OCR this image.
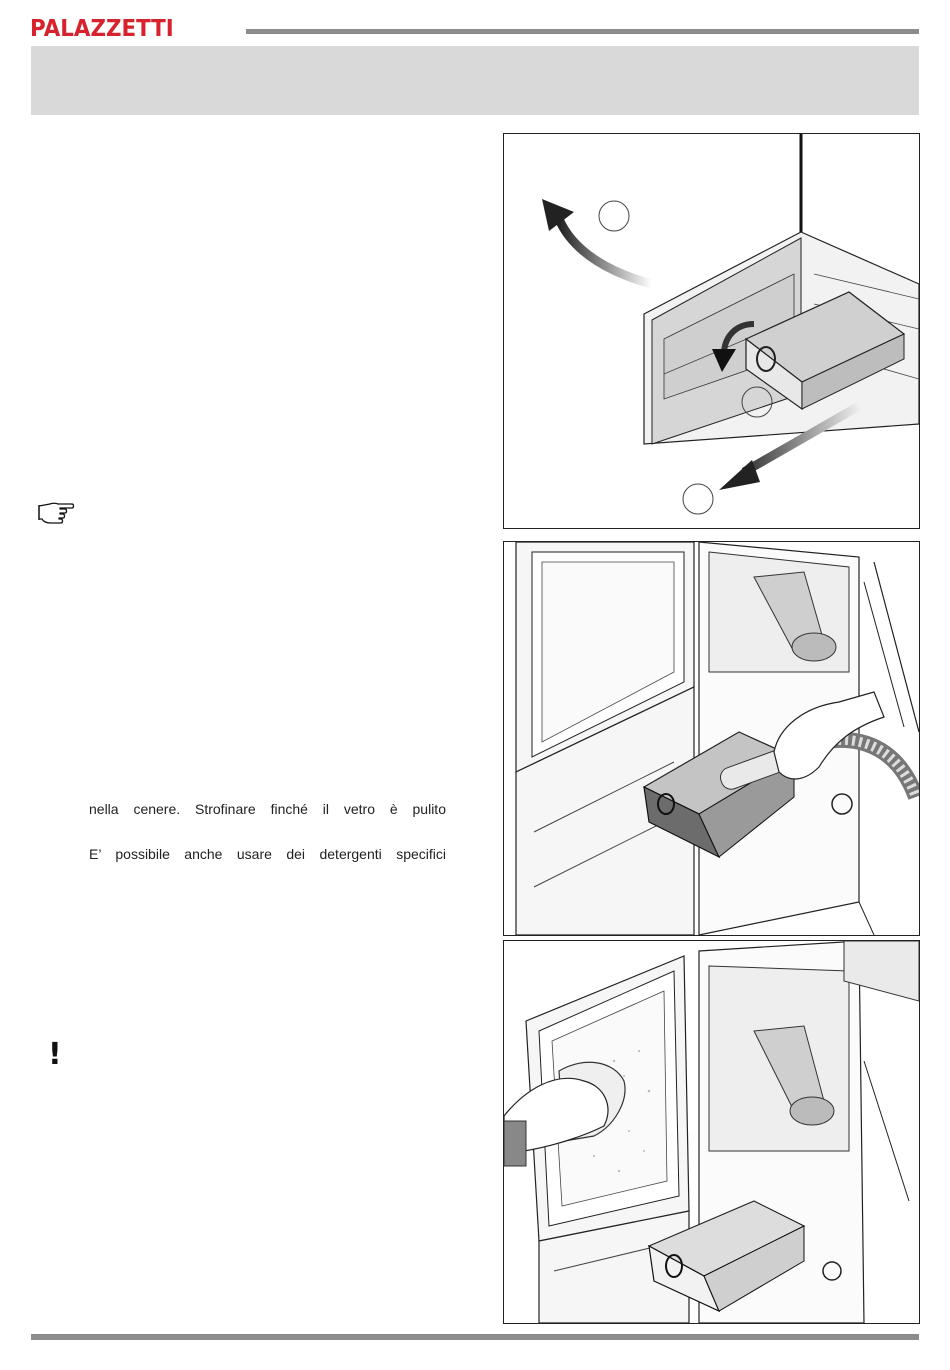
PALAZZETTI
!
nella cenere. Strofinare finché il vetro è pulito
E’ possibile anche usare dei detergenti specifici
